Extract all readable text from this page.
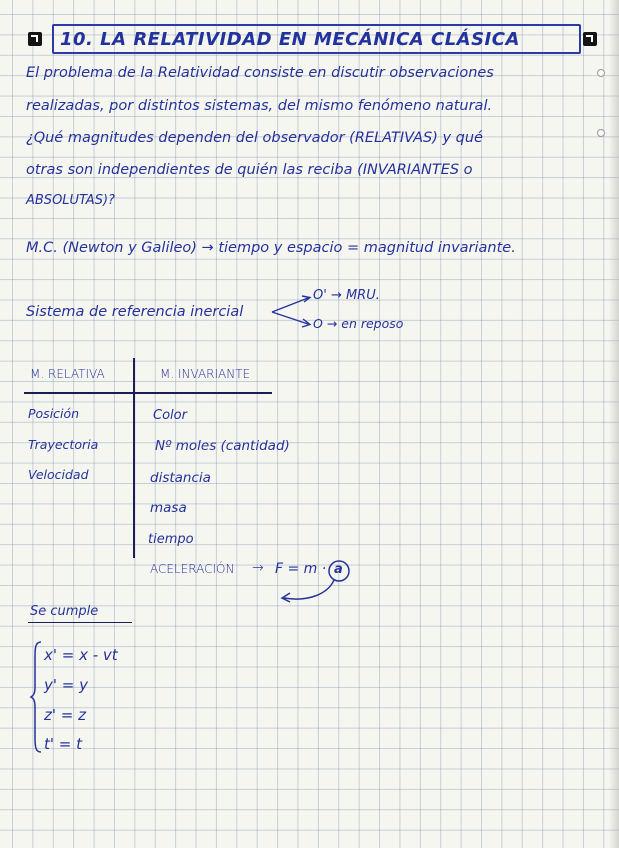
10. LA RELATIVIDAD EN MECÁNICA CLÁSICA
El problema de la Relatividad consiste en discutir observaciones
realizadas, por distintos sistemas, del mismo fenómeno natural.
¿Qué magnitudes dependen del observador (RELATIVAS) y qué
otras son independientes de quién las reciba (INVARIANTES o
ABSOLUTAS)?
M.C. (Newton y Galileo) → tiempo y espacio = magnitud invariante.
Sistema de referencia inercial
O' → MRU.
O → en reposo
M. RELATIVA	M. INVARIANTE
Posición
Trayectoria
Velocidad
Color
Nº moles (cantidad)
distancia
masa
tiempo
ACELERACIÓN → F = m · a
Se cumple
x' = x - vt
y' = y
z' = z
t' = t
